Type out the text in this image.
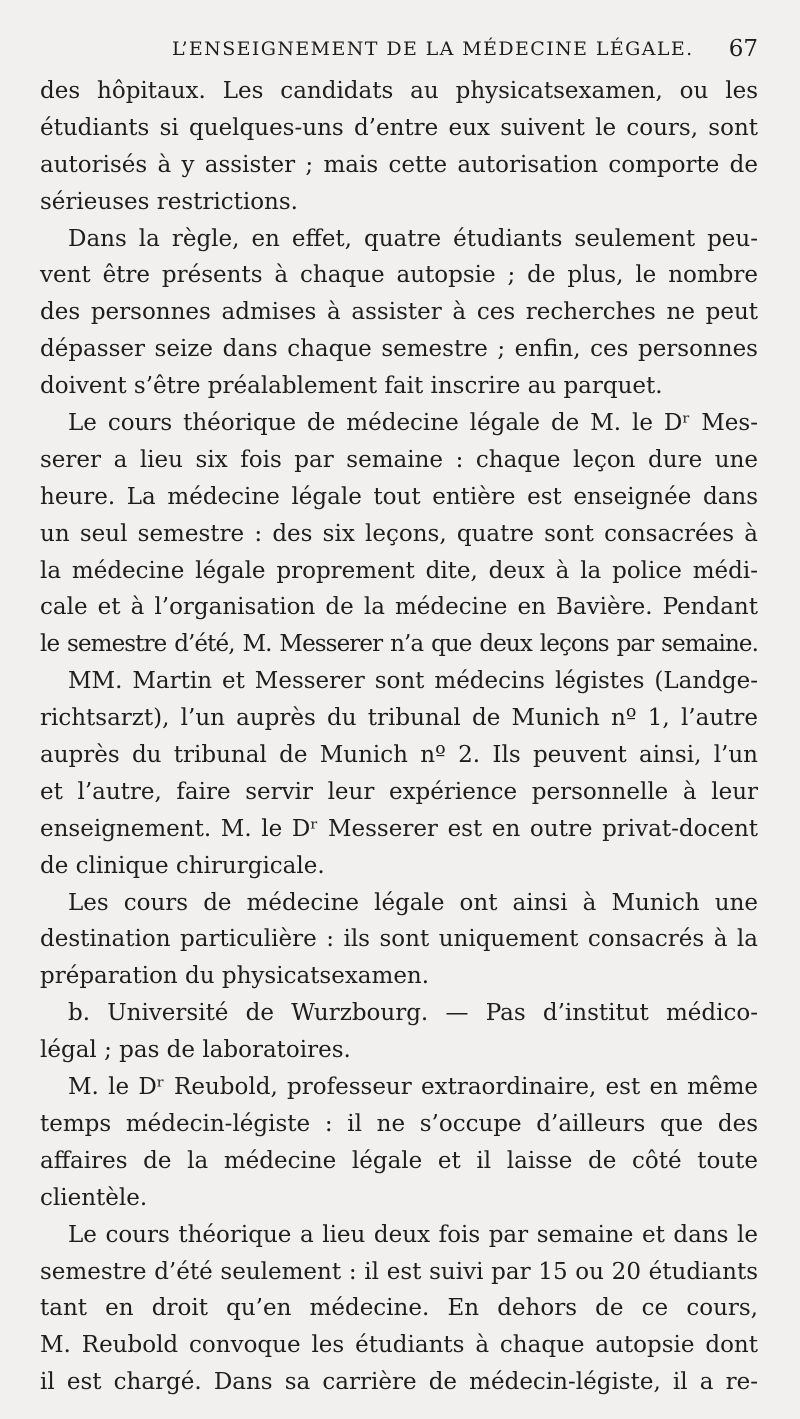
L’ENSEIGNEMENT DE LA MÉDECINE LÉGALE. 67
des hôpitaux. Les candidats au physicatsexamen, ou les
étudiants si quelques-uns d’entre eux suivent le cours, sont
autorisés à y assister ; mais cette autorisation comporte de
sérieuses restrictions.
Dans la règle, en effet, quatre étudiants seulement peu-
vent être présents à chaque autopsie ; de plus, le nombre
des personnes admises à assister à ces recherches ne peut
dépasser seize dans chaque semestre ; enfin, ces personnes
doivent s’être préalablement fait inscrire au parquet.
Le cours théorique de médecine légale de M. le Dʳ Mes-
serer a lieu six fois par semaine : chaque leçon dure une
heure. La médecine légale tout entière est enseignée dans
un seul semestre : des six leçons, quatre sont consacrées à
la médecine légale proprement dite, deux à la police médi-
cale et à l’organisation de la médecine en Bavière. Pendant
le semestre d’été, M. Messerer n’a que deux leçons par semaine.
MM. Martin et Messerer sont médecins légistes (Landge-
richtsarzt), l’un auprès du tribunal de Munich nº 1, l’autre
auprès du tribunal de Munich nº 2. Ils peuvent ainsi, l’un
et l’autre, faire servir leur expérience personnelle à leur
enseignement. M. le Dʳ Messerer est en outre privat-docent
de clinique chirurgicale.
Les cours de médecine légale ont ainsi à Munich une
destination particulière : ils sont uniquement consacrés à la
préparation du physicatsexamen.
b. Université de Wurzbourg. — Pas d’institut médico-
légal ; pas de laboratoires.
M. le Dʳ Reubold, professeur extraordinaire, est en même
temps médecin-légiste : il ne s’occupe d’ailleurs que des
affaires de la médecine légale et il laisse de côté toute
clientèle.
Le cours théorique a lieu deux fois par semaine et dans le
semestre d’été seulement : il est suivi par 15 ou 20 étudiants
tant en droit qu’en médecine. En dehors de ce cours,
M. Reubold convoque les étudiants à chaque autopsie dont
il est chargé. Dans sa carrière de médecin-légiste, il a re-
